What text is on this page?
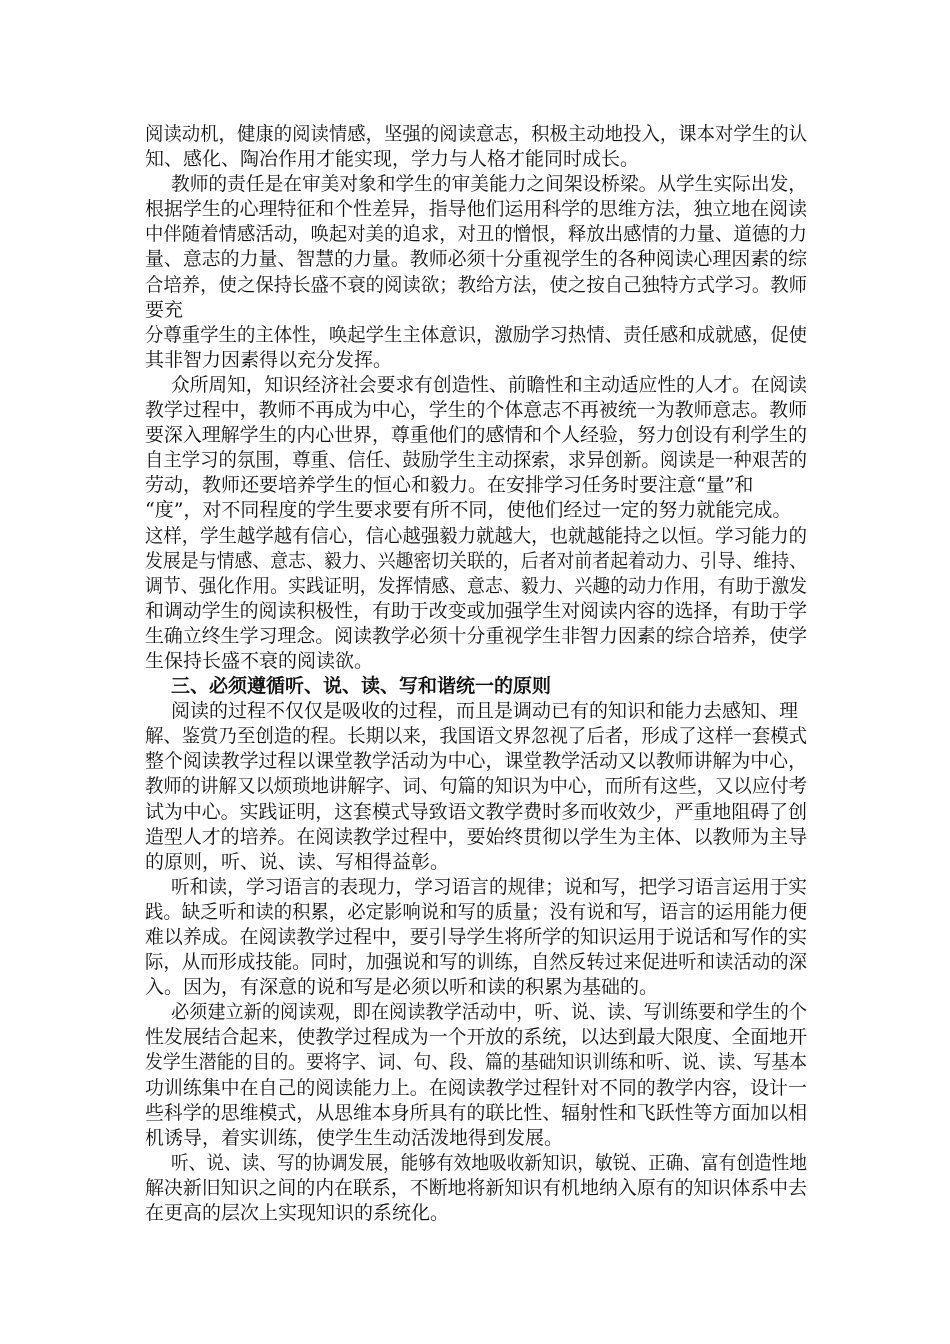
阅读动机，健康的阅读情感，坚强的阅读意志，积极主动地投入，课本对学生的认
知、感化、陶冶作用才能实现，学力与人格才能同时成长。
教师的责任是在审美对象和学生的审美能力之间架设桥梁。从学生实际出发，
根据学生的心理特征和个性差异，指导他们运用科学的思维方法，独立地在阅读
中伴随着情感活动，唤起对美的追求，对丑的憎恨，释放出感情的力量、道德的力
量、意志的力量、智慧的力量。教师必须十分重视学生的各种阅读心理因素的综
合培养，使之保持长盛不衰的阅读欲；教给方法，使之按自己独特方式学习。教师
要充
分尊重学生的主体性，唤起学生主体意识，激励学习热情、责任感和成就感，促使
其非智力因素得以充分发挥。
众所周知，知识经济社会要求有创造性、前瞻性和主动适应性的人才。在阅读
教学过程中，教师不再成为中心，学生的个体意志不再被统一为教师意志。教师
要深入理解学生的内心世界，尊重他们的感情和个人经验，努力创设有利学生的
自主学习的氛围，尊重、信任、鼓励学生主动探索，求异创新。阅读是一种艰苦的
劳动，教师还要培养学生的恒心和毅力。在安排学习任务时要注意“量”和
“度”，对不同程度的学生要求要有所不同，使他们经过一定的努力就能完成。
这样，学生越学越有信心，信心越强毅力就越大，也就越能持之以恒。学习能力的
发展是与情感、意志、毅力、兴趣密切关联的，后者对前者起着动力、引导、维持、
调节、强化作用。实践证明，发挥情感、意志、毅力、兴趣的动力作用，有助于激发
和调动学生的阅读积极性，有助于改变或加强学生对阅读内容的选择，有助于学
生确立终生学习理念。阅读教学必须十分重视学生非智力因素的综合培养，使学
生保持长盛不衰的阅读欲。
三、必须遵循听、说、读、写和谐统一的原则
阅读的过程不仅仅是吸收的过程，而且是调动已有的知识和能力去感知、理
解、鉴赏乃至创造的程。长期以来，我国语文界忽视了后者，形成了这样一套模式
整个阅读教学过程以课堂教学活动为中心，课堂教学活动又以教师讲解为中心，
教师的讲解又以烦琐地讲解字、词、句篇的知识为中心，而所有这些，又以应付考
试为中心。实践证明，这套模式导致语文教学费时多而收效少，严重地阻碍了创
造型人才的培养。在阅读教学过程中，要始终贯彻以学生为主体、以教师为主导
的原则，听、说、读、写相得益彰。
听和读，学习语言的表现力，学习语言的规律；说和写，把学习语言运用于实
践。缺乏听和读的积累，必定影响说和写的质量；没有说和写，语言的运用能力便
难以养成。在阅读教学过程中，要引导学生将所学的知识运用于说话和写作的实
际，从而形成技能。同时，加强说和写的训练，自然反转过来促进听和读活动的深
入。因为，有深意的说和写是必须以听和读的积累为基础的。
必须建立新的阅读观，即在阅读教学活动中，听、说、读、写训练要和学生的个
性发展结合起来，使教学过程成为一个开放的系统，以达到最大限度、全面地开
发学生潜能的目的。要将字、词、句、段、篇的基础知识训练和听、说、读、写基本
功训练集中在自己的阅读能力上。在阅读教学过程针对不同的教学内容，设计一
些科学的思维模式，从思维本身所具有的联比性、辐射性和飞跃性等方面加以相
机诱导，着实训练，使学生生动活泼地得到发展。
听、说、读、写的协调发展，能够有效地吸收新知识，敏锐、正确、富有创造性地
解决新旧知识之间的内在联系，不断地将新知识有机地纳入原有的知识体系中去
在更高的层次上实现知识的系统化。
